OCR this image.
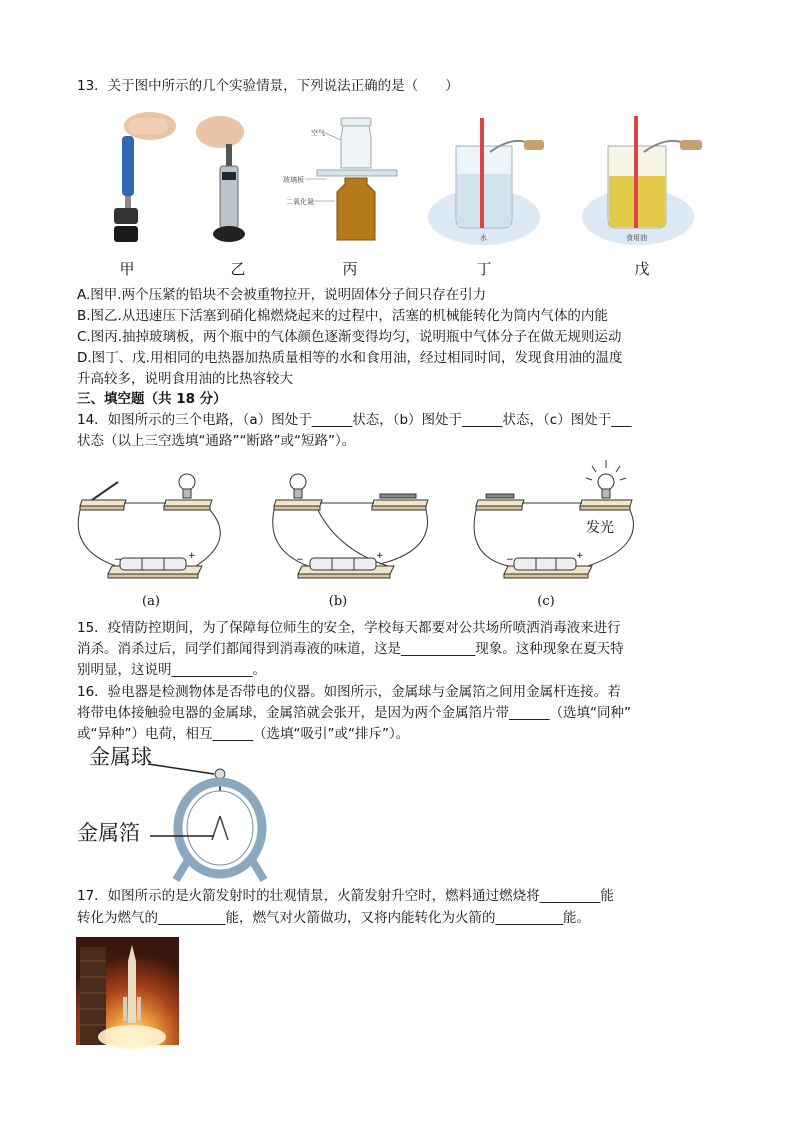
13．关于图中所示的几个实验情景，下列说法正确的是（　　）
甲	乙
空气
玻璃板
二氧化氮
丙
水
丁
食用油
戊
A.图甲.两个压紧的铅块不会被重物拉开，说明固体分子间只存在引力
B.图乙.从迅速压下活塞到硝化棉燃烧起来的过程中，活塞的机械能转化为筒内气体的内能
C.图丙.抽掉玻璃板，两个瓶中的气体颜色逐渐变得均匀，说明瓶中气体分子在做无规则运动
D.图丁、戊.用相同的电热器加热质量相等的水和食用油，经过相同时间，发现食用油的温度
升高较多，说明食用油的比热容较大
三、填空题（共 18 分）
14．如图所示的三个电路，（a）图处于______状态，（b）图处于______状态，（c）图处于___
状态（以上三空选填“通路”“断路”或“短路”）。
−	+
(a)
−	+
(b)
−	+
发光
(c)
15．疫情防控期间，为了保障每位师生的安全，学校每天都要对公共场所喷洒消毒液来进行
消杀。消杀过后，同学们都闻得到消毒液的味道，这是___________现象。这种现象在夏天特
别明显，这说明____________。
16．验电器是检测物体是否带电的仪器。如图所示，金属球与金属箔之间用金属杆连接。若
将带电体接触验电器的金属球，金属箔就会张开，是因为两个金属箔片带______（选填“同种”
或“异种”）电荷，相互______（选填“吸引”或“排斥”）。
金属球
金属箔
17．如图所示的是火箭发射时的壮观情景，火箭发射升空时，燃料通过燃烧将_________能
转化为燃气的__________能，燃气对火箭做功，又将内能转化为火箭的__________能。
